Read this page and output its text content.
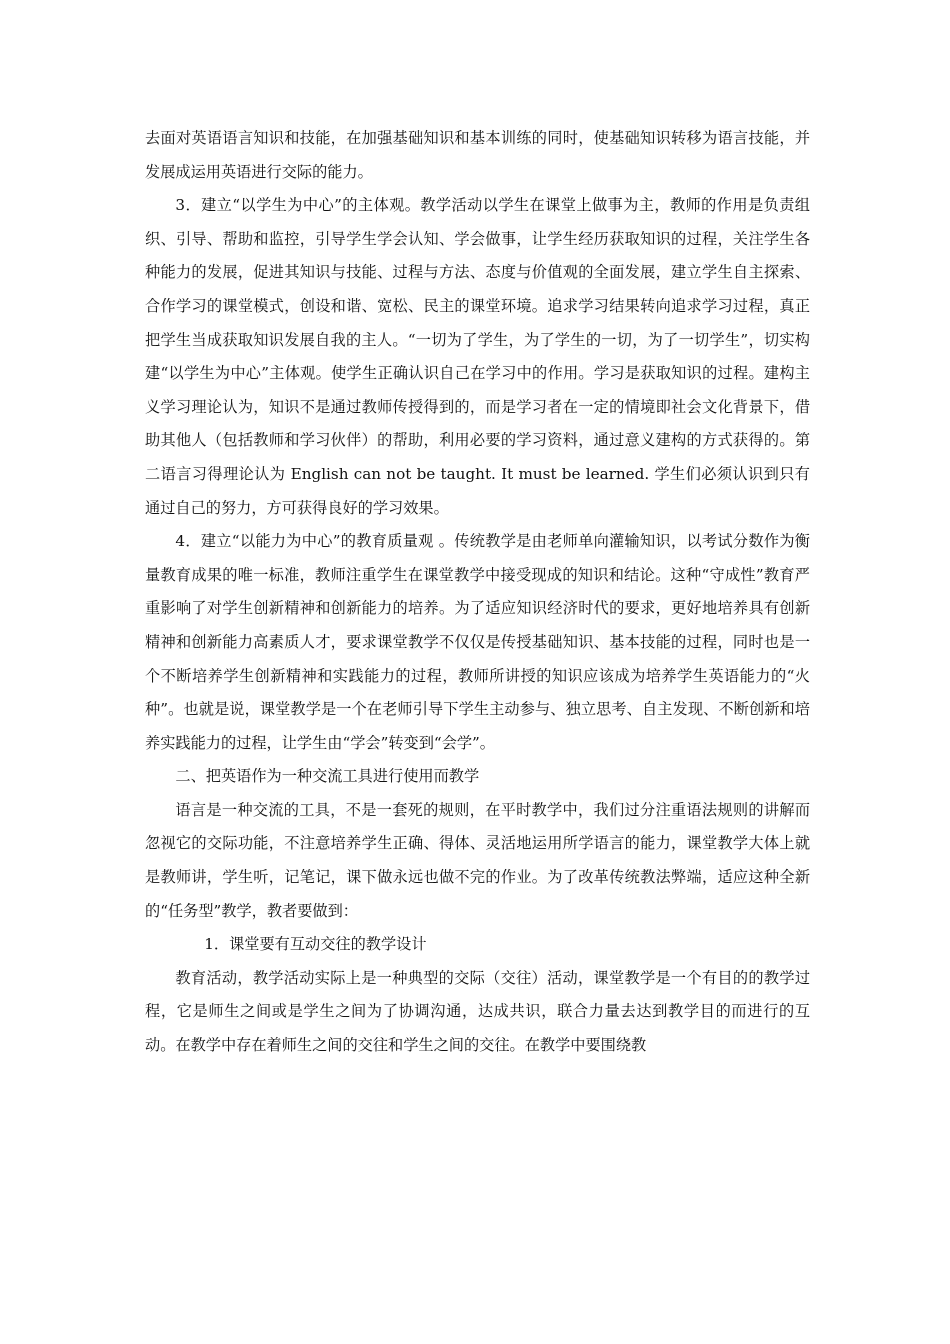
去面对英语语言知识和技能，在加强基础知识和基本训练的同时，使基础知识转移为语言技能，并发展成运用英语进行交际的能力。

3．建立“以学生为中心”的主体观。教学活动以学生在课堂上做事为主，教师的作用是负责组织、引导、帮助和监控，引导学生学会认知、学会做事，让学生经历获取知识的过程，关注学生各种能力的发展，促进其知识与技能、过程与方法、态度与价值观的全面发展，建立学生自主探索、合作学习的课堂模式，创设和谐、宽松、民主的课堂环境。追求学习结果转向追求学习过程，真正把学生当成获取知识发展自我的主人。“一切为了学生，为了学生的一切，为了一切学生”，切实构建“以学生为中心”主体观。使学生正确认识自己在学习中的作用。学习是获取知识的过程。建构主义学习理论认为，知识不是通过教师传授得到的，而是学习者在一定的情境即社会文化背景下，借助其他人（包括教师和学习伙伴）的帮助，利用必要的学习资料，通过意义建构的方式获得的。第二语言习得理论认为 English can not be taught. It must be learned. 学生们必须认识到只有通过自己的努力，方可获得良好的学习效果。

4．建立“以能力为中心”的教育质量观 。传统教学是由老师单向灌输知识，以考试分数作为衡量教育成果的唯一标准，教师注重学生在课堂教学中接受现成的知识和结论。这种“守成性”教育严重影响了对学生创新精神和创新能力的培养。为了适应知识经济时代的要求，更好地培养具有创新精神和创新能力高素质人才，要求课堂教学不仅仅是传授基础知识、基本技能的过程，同时也是一个不断培养学生创新精神和实践能力的过程，教师所讲授的知识应该成为培养学生英语能力的“火种”。也就是说，课堂教学是一个在老师引导下学生主动参与、独立思考、自主发现、不断创新和培养实践能力的过程，让学生由“学会”转变到“会学”。

二、把英语作为一种交流工具进行使用而教学

语言是一种交流的工具，不是一套死的规则，在平时教学中，我们过分注重语法规则的讲解而忽视它的交际功能，不注意培养学生正确、得体、灵活地运用所学语言的能力，课堂教学大体上就是教师讲，学生听，记笔记，课下做永远也做不完的作业。为了改革传统教法弊端，适应这种全新的“任务型”教学，教者要做到：

1．课堂要有互动交往的教学设计

教育活动，教学活动实际上是一种典型的交际（交往）活动，课堂教学是一个有目的的教学过程，它是师生之间或是学生之间为了协调沟通，达成共识，联合力量去达到教学目的而进行的互动。在教学中存在着师生之间的交往和学生之间的交往。在教学中要围绕教
